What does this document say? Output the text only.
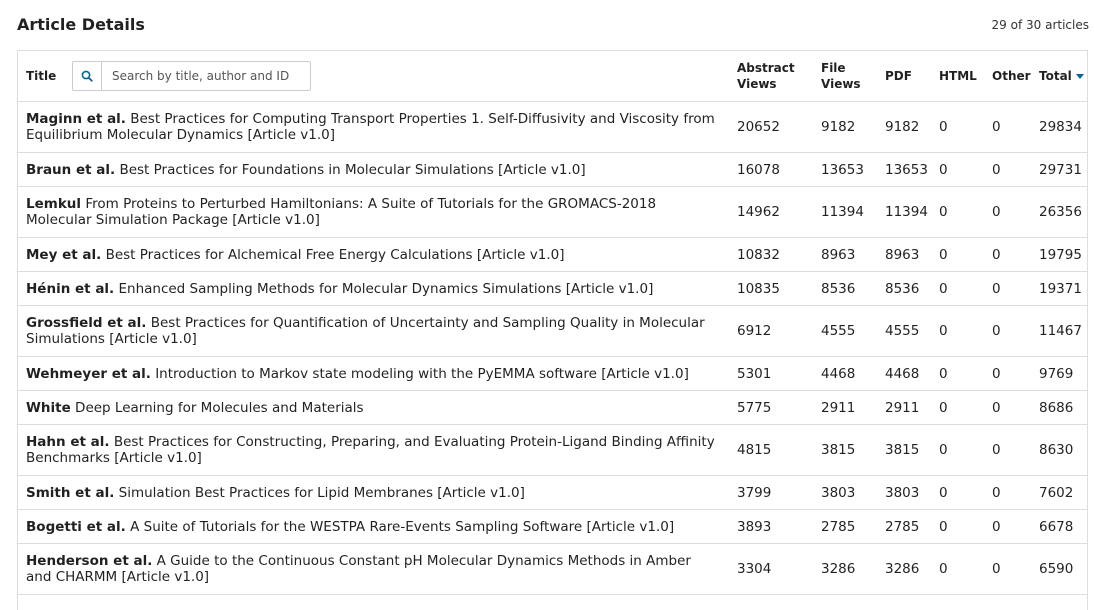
Article Details	29 of 30 articles
Title
Search by title, author and ID	Abstract Views	File Views	PDF	HTML	Other	Total
Maginn et al. Best Practices for Computing Transport Properties 1. Self-Diffusivity and Viscosity from Equilibrium Molecular Dynamics [Article v1.0]	20652	9182	9182	0	0	29834
Braun et al. Best Practices for Foundations in Molecular Simulations [Article v1.0]	16078	13653	13653	0	0	29731
Lemkul From Proteins to Perturbed Hamiltonians: A Suite of Tutorials for the GROMACS-2018 Molecular Simulation Package [Article v1.0]	14962	11394	11394	0	0	26356
Mey et al. Best Practices for Alchemical Free Energy Calculations [Article v1.0]	10832	8963	8963	0	0	19795
Hénin et al. Enhanced Sampling Methods for Molecular Dynamics Simulations [Article v1.0]	10835	8536	8536	0	0	19371
Grossfield et al. Best Practices for Quantification of Uncertainty and Sampling Quality in Molecular Simulations [Article v1.0]	6912	4555	4555	0	0	11467
Wehmeyer et al. Introduction to Markov state modeling with the PyEMMA software [Article v1.0]	5301	4468	4468	0	0	9769
White Deep Learning for Molecules and Materials	5775	2911	2911	0	0	8686
Hahn et al. Best Practices for Constructing, Preparing, and Evaluating Protein-Ligand Binding Affinity Benchmarks [Article v1.0]	4815	3815	3815	0	0	8630
Smith et al. Simulation Best Practices for Lipid Membranes [Article v1.0]	3799	3803	3803	0	0	7602
Bogetti et al. A Suite of Tutorials for the WESTPA Rare-Events Sampling Software [Article v1.0]	3893	2785	2785	0	0	6678
Henderson et al. A Guide to the Continuous Constant pH Molecular Dynamics Methods in Amber and CHARMM [Article v1.0]	3304	3286	3286	0	0	6590
